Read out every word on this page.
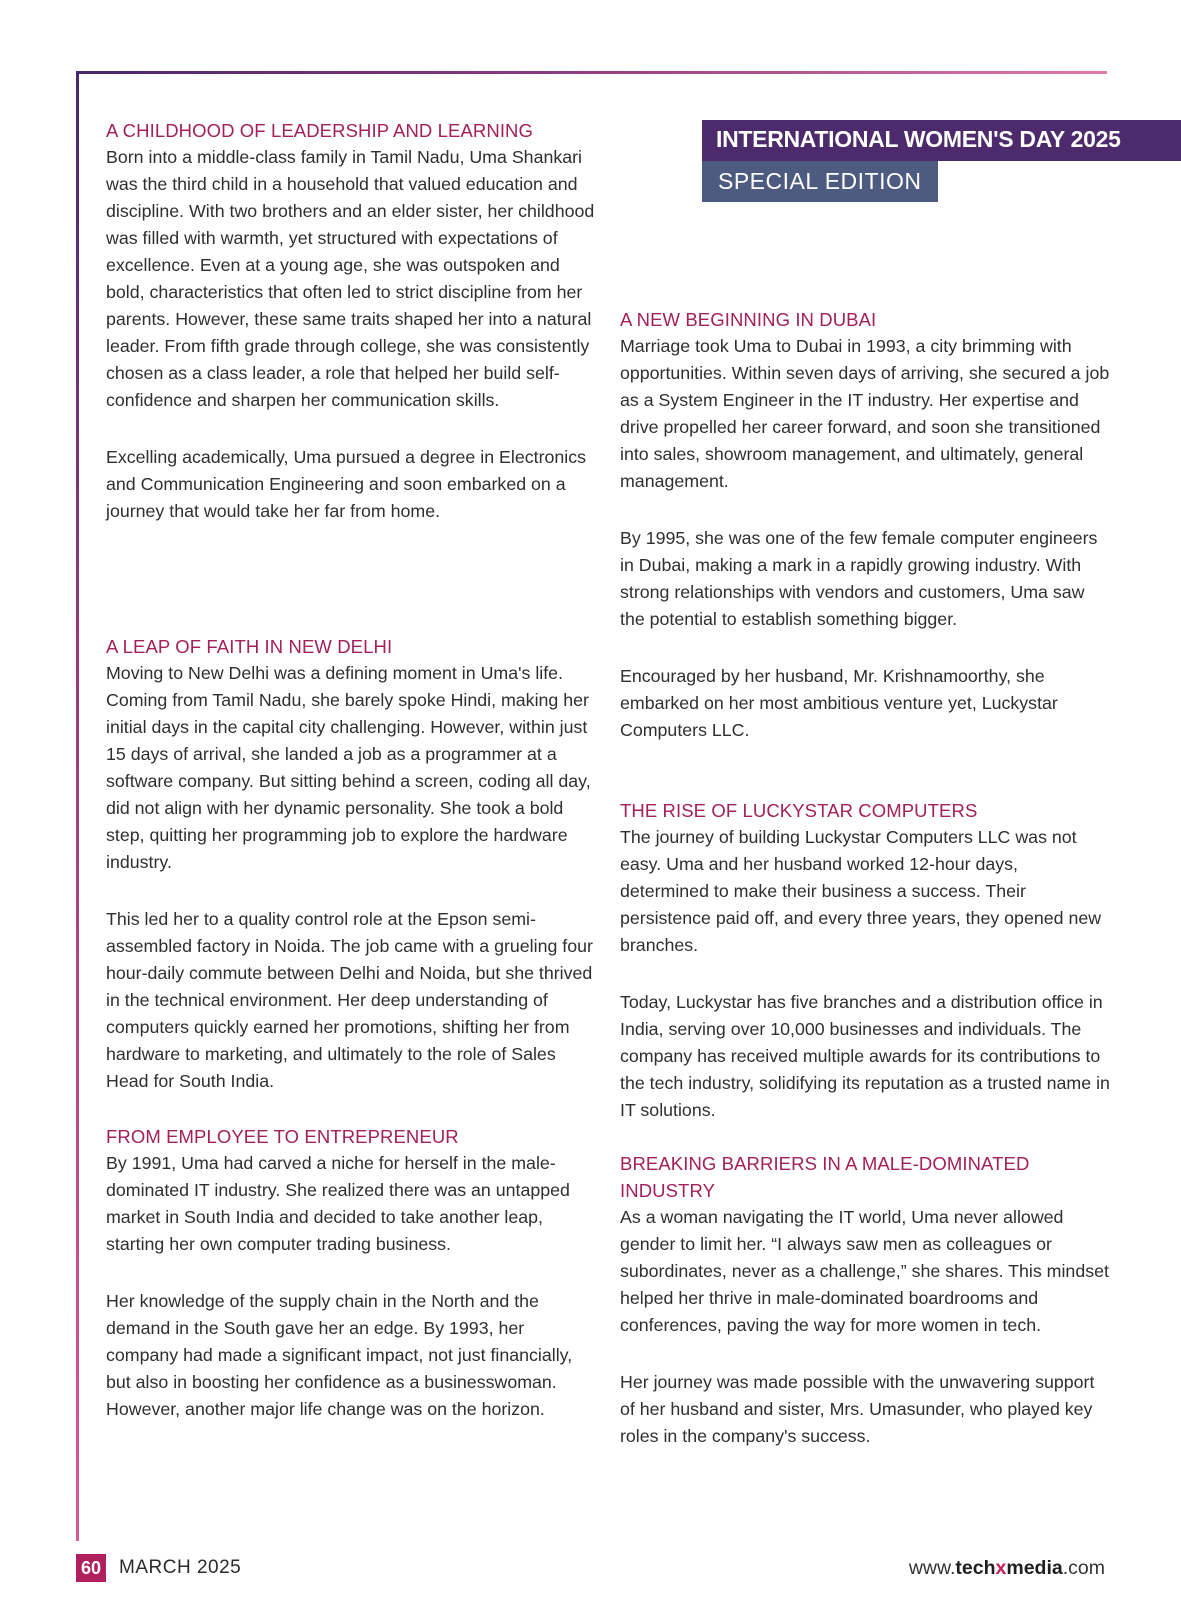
INTERNATIONAL WOMEN'S DAY 2025
SPECIAL EDITION
A CHILDHOOD OF LEADERSHIP AND LEARNING

Born into a middle-class family in Tamil Nadu, Uma Shankari was the third child in a household that valued education and discipline. With two brothers and an elder sister, her childhood was filled with warmth, yet structured with expectations of excellence. Even at a young age, she was outspoken and bold, characteristics that often led to strict discipline from her parents. However, these same traits shaped her into a natural leader. From fifth grade through college, she was consistently chosen as a class leader, a role that helped her build self-confidence and sharpen her communication skills.

Excelling academically, Uma pursued a degree in Electronics and Communication Engineering and soon embarked on a journey that would take her far from home.

A LEAP OF FAITH IN NEW DELHI

Moving to New Delhi was a defining moment in Uma's life. Coming from Tamil Nadu, she barely spoke Hindi, making her initial days in the capital city challenging. However, within just 15 days of arrival, she landed a job as a programmer at a software company. But sitting behind a screen, coding all day, did not align with her dynamic personality. She took a bold step, quitting her programming job to explore the hardware industry.

This led her to a quality control role at the Epson semi-assembled factory in Noida. The job came with a grueling four hour-daily commute between Delhi and Noida, but she thrived in the technical environment. Her deep understanding of computers quickly earned her promotions, shifting her from hardware to marketing, and ultimately to the role of Sales Head for South India.

FROM EMPLOYEE TO ENTREPRENEUR

By 1991, Uma had carved a niche for herself in the male-dominated IT industry. She realized there was an untapped market in South India and decided to take another leap, starting her own computer trading business.

Her knowledge of the supply chain in the North and the demand in the South gave her an edge. By 1993, her company had made a significant impact, not just financially, but also in boosting her confidence as a businesswoman. However, another major life change was on the horizon.

A NEW BEGINNING IN DUBAI

Marriage took Uma to Dubai in 1993, a city brimming with opportunities. Within seven days of arriving, she secured a job as a System Engineer in the IT industry. Her expertise and drive propelled her career forward, and soon she transitioned into sales, showroom management, and ultimately, general management.

By 1995, she was one of the few female computer engineers in Dubai, making a mark in a rapidly growing industry. With strong relationships with vendors and customers, Uma saw the potential to establish something bigger.

Encouraged by her husband, Mr. Krishnamoorthy, she embarked on her most ambitious venture yet, Luckystar Computers LLC.

THE RISE OF LUCKYSTAR COMPUTERS

The journey of building Luckystar Computers LLC was not easy. Uma and her husband worked 12-hour days, determined to make their business a success. Their persistence paid off, and every three years, they opened new branches.

Today, Luckystar has five branches and a distribution office in India, serving over 10,000 businesses and individuals. The company has received multiple awards for its contributions to the tech industry, solidifying its reputation as a trusted name in IT solutions.

BREAKING BARRIERS IN A MALE-DOMINATED INDUSTRY

As a woman navigating the IT world, Uma never allowed gender to limit her. “I always saw men as colleagues or subordinates, never as a challenge,” she shares. This mindset helped her thrive in male-dominated boardrooms and conferences, paving the way for more women in tech.

Her journey was made possible with the unwavering support of her husband and sister, Mrs. Umasunder, who played key roles in the company's success.

60 MARCH 2025	www.techxmedia.com
